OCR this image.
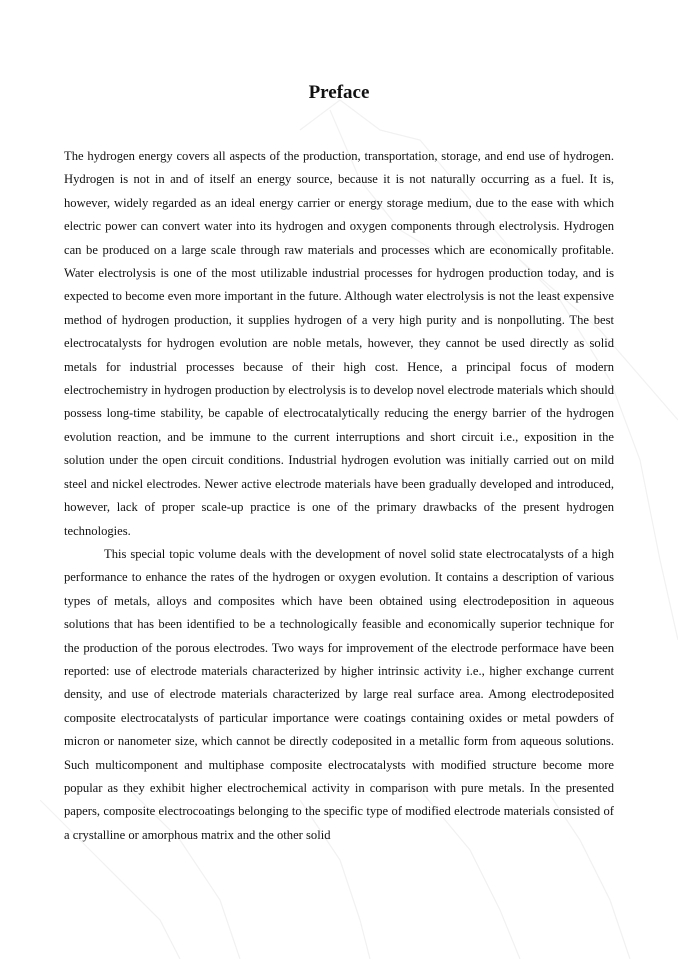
Preface

The hydrogen energy covers all aspects of the production, transportation, storage, and end use of hydrogen. Hydrogen is not in and of itself an energy source, because it is not naturally occurring as a fuel. It is, however, widely regarded as an ideal energy carrier or energy storage medium, due to the ease with which electric power can convert water into its hydrogen and oxygen components through electrolysis. Hydrogen can be produced on a large scale through raw materials and processes which are economically profitable. Water electrolysis is one of the most utilizable industrial processes for hydrogen production today, and is expected to become even more important in the future. Although water electrolysis is not the least expensive method of hydrogen production, it supplies hydrogen of a very high purity and is nonpolluting. The best electrocatalysts for hydrogen evolution are noble metals, however, they cannot be used directly as solid metals for industrial processes because of their high cost. Hence, a principal focus of modern electrochemistry in hydrogen production by electrolysis is to develop novel electrode materials which should possess long-time stability, be capable of electrocatalytically reducing the energy barrier of the hydrogen evolution reaction, and be immune to the current interruptions and short circuit i.e., exposition in the solution under the open circuit conditions. Industrial hydrogen evolution was initially carried out on mild steel and nickel electrodes. Newer active electrode materials have been gradually developed and introduced, however, lack of proper scale-up practice is one of the primary drawbacks of the present hydrogen technologies.

This special topic volume deals with the development of novel solid state electrocatalysts of a high performance to enhance the rates of the hydrogen or oxygen evolution. It contains a description of various types of metals, alloys and composites which have been obtained using electrodeposition in aqueous solutions that has been identified to be a technologically feasible and economically superior technique for the production of the porous electrodes. Two ways for improvement of the electrode performace have been reported: use of electrode materials characterized by higher intrinsic activity i.e., higher exchange current density, and use of electrode materials characterized by large real surface area. Among electrodeposited composite electrocatalysts of particular importance were coatings containing oxides or metal powders of micron or nanometer size, which cannot be directly codeposited in a metallic form from aqueous solutions. Such multicomponent and multiphase composite electrocatalysts with modified structure become more popular as they exhibit higher electrochemical activity in comparison with pure metals. In the presented papers, composite electrocoatings belonging to the specific type of modified electrode materials consisted of a crystalline or amorphous matrix and the other solid
